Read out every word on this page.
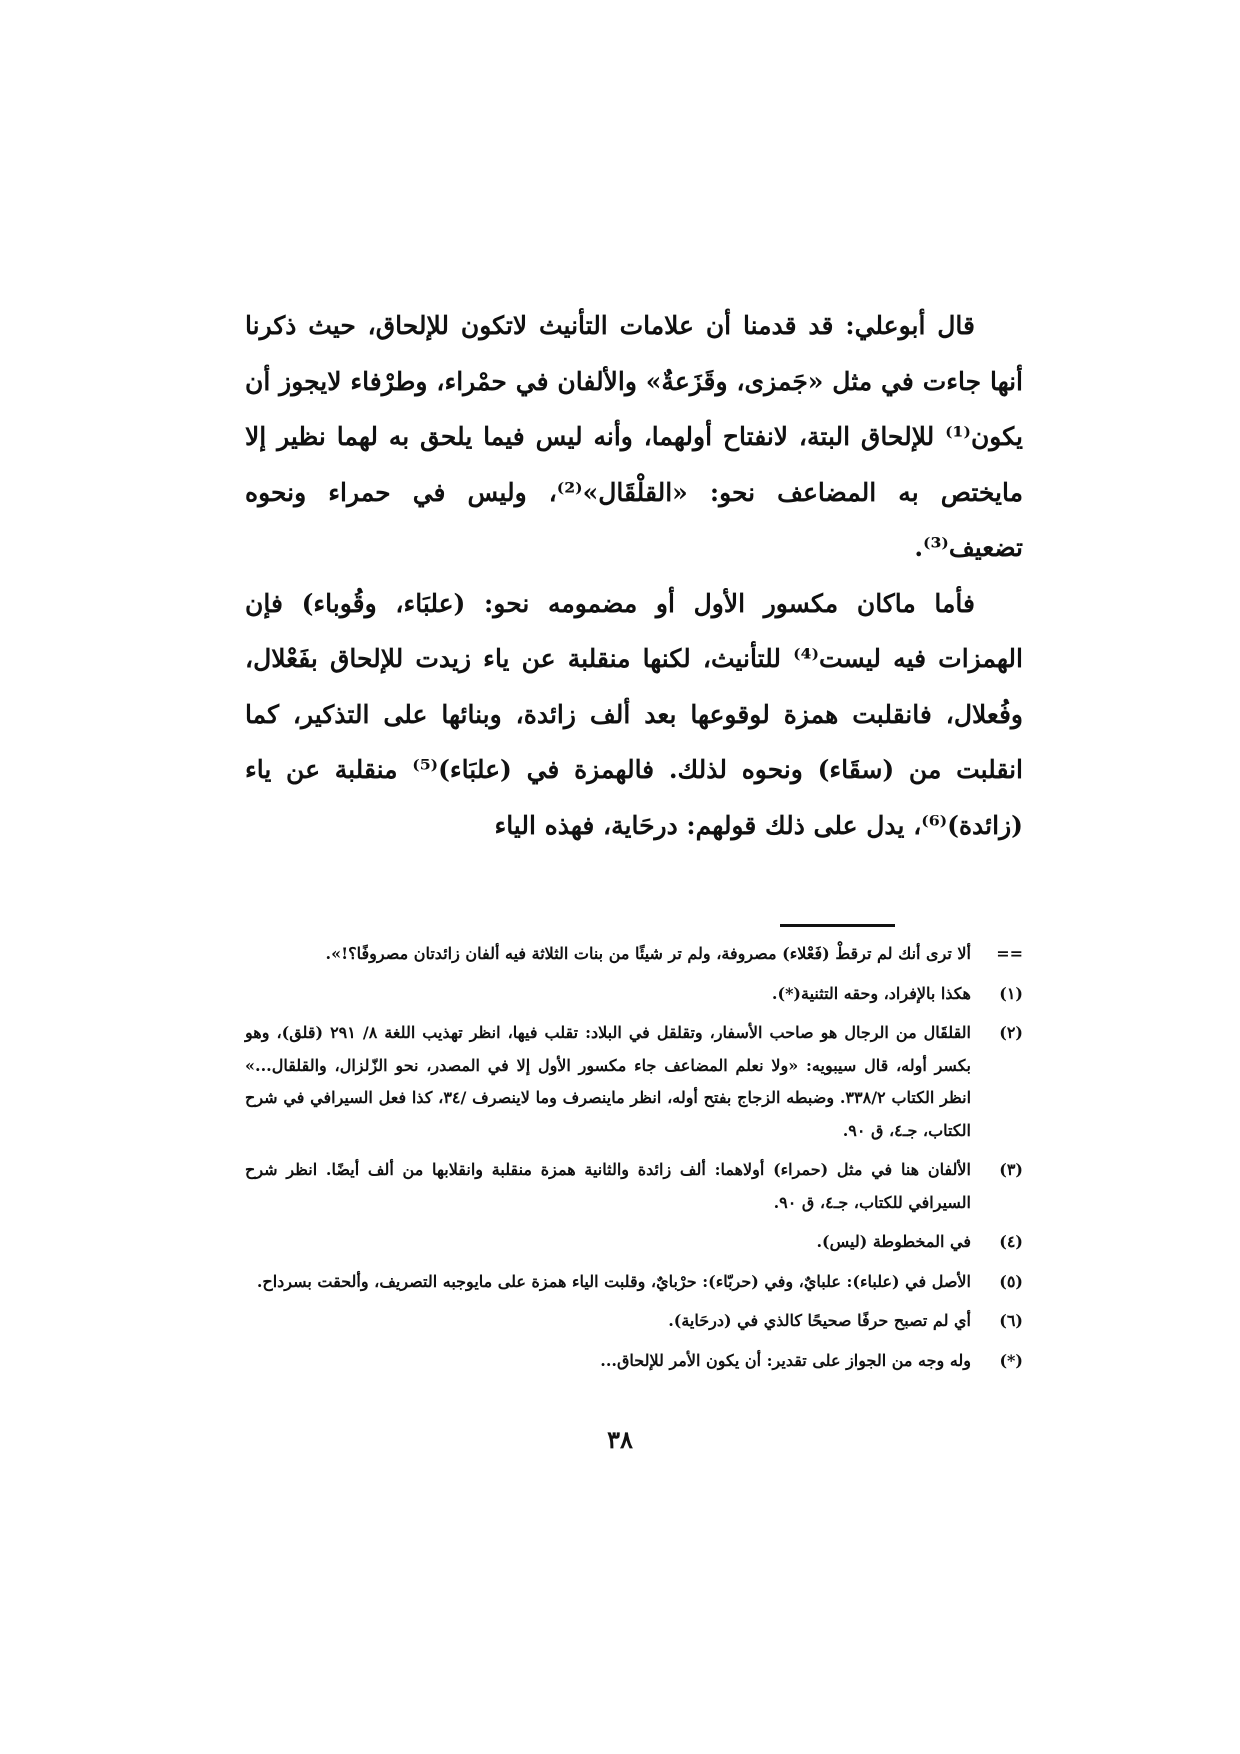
قال أبوعلي: قد قدمنا أن علامات التأنيث لاتكون للإلحاق، حيث ذكرنا أنها جاءت في مثل «جَمزى، وقَزَعةٌ» والألفان في حمْراء، وطرْفاء لايجوز أن يكون⁽¹⁾ للإلحاق البتة، لانفتاح أولهما، وأنه ليس فيما يلحق به لهما نظير إلا مايختص به المضاعف نحو: «القلْقَال»⁽²⁾، وليس في حمراء ونحوه تضعيف⁽³⁾.

فأما ماكان مكسور الأول أو مضمومه نحو: (علبَاء، وقُوباء) فإن الهمزات فيه ليست⁽⁴⁾ للتأنيث، لكنها منقلبة عن ياء زيدت للإلحاق بفَعْلال، وفُعلال، فانقلبت همزة لوقوعها بعد ألف زائدة، وبنائها على التذكير، كما انقلبت من (سقَاء) ونحوه لذلك. فالهمزة في (علبَاء)⁽⁵⁾ منقلبة عن ياء (زائدة)⁽⁶⁾، يدل على ذلك قولهم: درحَاية، فهذه الياء

==
ألا ترى أنك لم ترقطْ (فَعْلاء) مصروفة، ولم تر شيئًا من بنات الثلاثة فيه ألفان زائدتان مصروفًا؟!».
(١)
هكذا بالإفراد، وحقه التثنية(*).
(٢)
القلقَال من الرجال هو صاحب الأسفار، وتقلقل في البلاد: تقلب فيها، انظر تهذيب اللغة ٨/ ٢٩١ (قلق)، وهو بكسر أوله، قال سيبويه: «ولا نعلم المضاعف جاء مكسور الأول إلا في المصدر، نحو الزّلزال، والقلقال...» انظر الكتاب ٣٣٨/٢. وضبطه الزجاج بفتح أوله، انظر ماينصرف وما لاينصرف /٣٤، كذا فعل السيرافي في شرح الكتاب، جـ٤، ق ٩٠.
(٣)
الألفان هنا في مثل (حمراء) أولاهما: ألف زائدة والثانية همزة منقلبة وانقلابها من ألف أيضًا. انظر شرح السيرافي للكتاب، جـ٤، ق ٩٠.
(٤)
في المخطوطة (ليس).
(٥)
الأصل في (علباء): علبايٌ، وفي (حربّاء): حرْبايٌ، وقلبت الياء همزة على مايوجبه التصريف، وألحقت بسرداح.
(٦)
أي لم تصبح حرفًا صحيحًا كالذي في (درحَاية).
(*)
وله وجه من الجواز على تقدير: أن يكون الأمر للإلحاق...
٣٨
